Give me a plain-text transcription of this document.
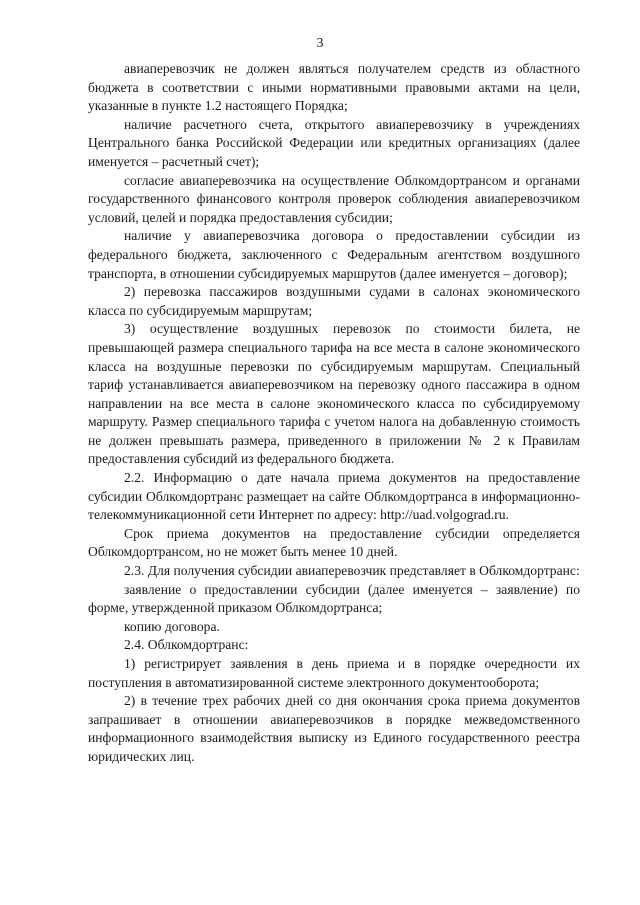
3

авиаперевозчик не должен являться получателем средств из областного бюджета в соответствии с иными нормативными правовыми актами на цели, указанные в пункте 1.2 настоящего Порядка;

наличие расчетного счета, открытого авиаперевозчику в учреждениях Центрального банка Российской Федерации или кредитных организациях (далее именуется – расчетный счет);

согласие авиаперевозчика на осуществление Облкомдортрансом и органами государственного финансового контроля проверок соблюдения авиаперевозчиком условий, целей и порядка предоставления субсидии;

наличие у авиаперевозчика договора о предоставлении субсидии из федерального бюджета, заключенного с Федеральным агентством воздушного транспорта, в отношении субсидируемых маршрутов (далее именуется – договор);

2) перевозка пассажиров воздушными судами в салонах экономического класса по субсидируемым маршрутам;

3) осуществление воздушных перевозок по стоимости билета, не превышающей размера специального тарифа на все места в салоне экономического класса на воздушные перевозки по субсидируемым маршрутам. Специальный тариф устанавливается авиаперевозчиком на перевозку одного пассажира в одном направлении на все места в салоне экономического класса по субсидируемому маршруту. Размер специального тарифа с учетом налога на добавленную стоимость не должен превышать размера, приведенного в приложении № 2 к Правилам предоставления субсидий из федерального бюджета.

2.2. Информацию о дате начала приема документов на предоставление субсидии Облкомдортранс размещает на сайте Облкомдортранса в информационно-телекоммуникационной сети Интернет по адресу: http://uad.volgograd.ru.

Срок приема документов на предоставление субсидии определяется Облкомдортрансом, но не может быть менее 10 дней.

2.3. Для получения субсидии авиаперевозчик представляет в Облкомдортранс:

заявление о предоставлении субсидии (далее именуется – заявление) по форме, утвержденной приказом Облкомдортранса;

копию договора.

2.4. Облкомдортранс:

1) регистрирует заявления в день приема и в порядке очередности их поступления в автоматизированной системе электронного документооборота;

2) в течение трех рабочих дней со дня окончания срока приема документов запрашивает в отношении авиаперевозчиков в порядке межведомственного информационного взаимодействия выписку из Единого государственного реестра юридических лиц.
